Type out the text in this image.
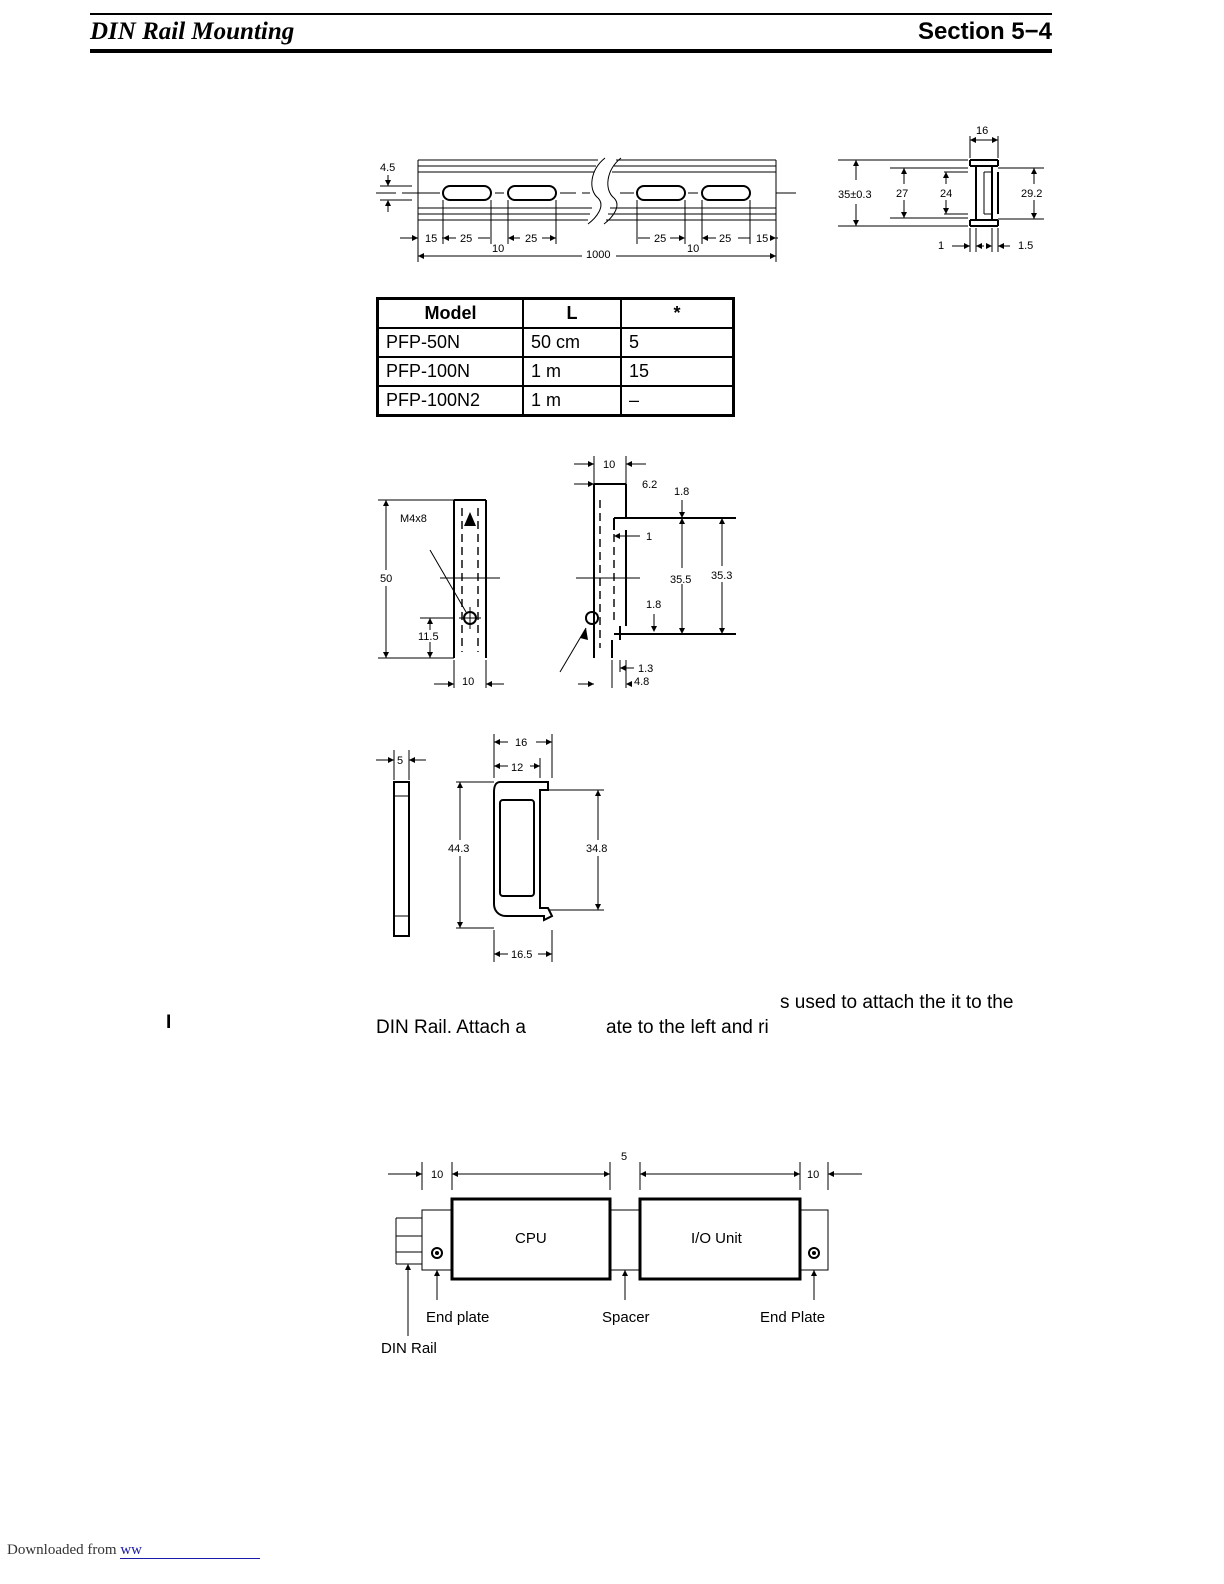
DIN Rail Mounting	Section 5−4
4.5
15 25
10
25	25
10
25 15
1000
16
35±0.3 27	24	29.2
1	1.5
Model	L	*
PFP-50N	50 cm	5
PFP-100N	1 m	15
PFP-100N2	1 m	–
M4x8
50
11.5
10
10
6.2
1.8
1
35.5 35.3
1.8
1.3
4.8
5
16
12
44.3	34.8
16.5
s used to attach the it to the
DIN Rail. Attach a	ate to the left and ri
I
10
5
10
CPU	I/O Unit
End plate	Spacer	End Plate
DIN Rail
Downloaded from ww
